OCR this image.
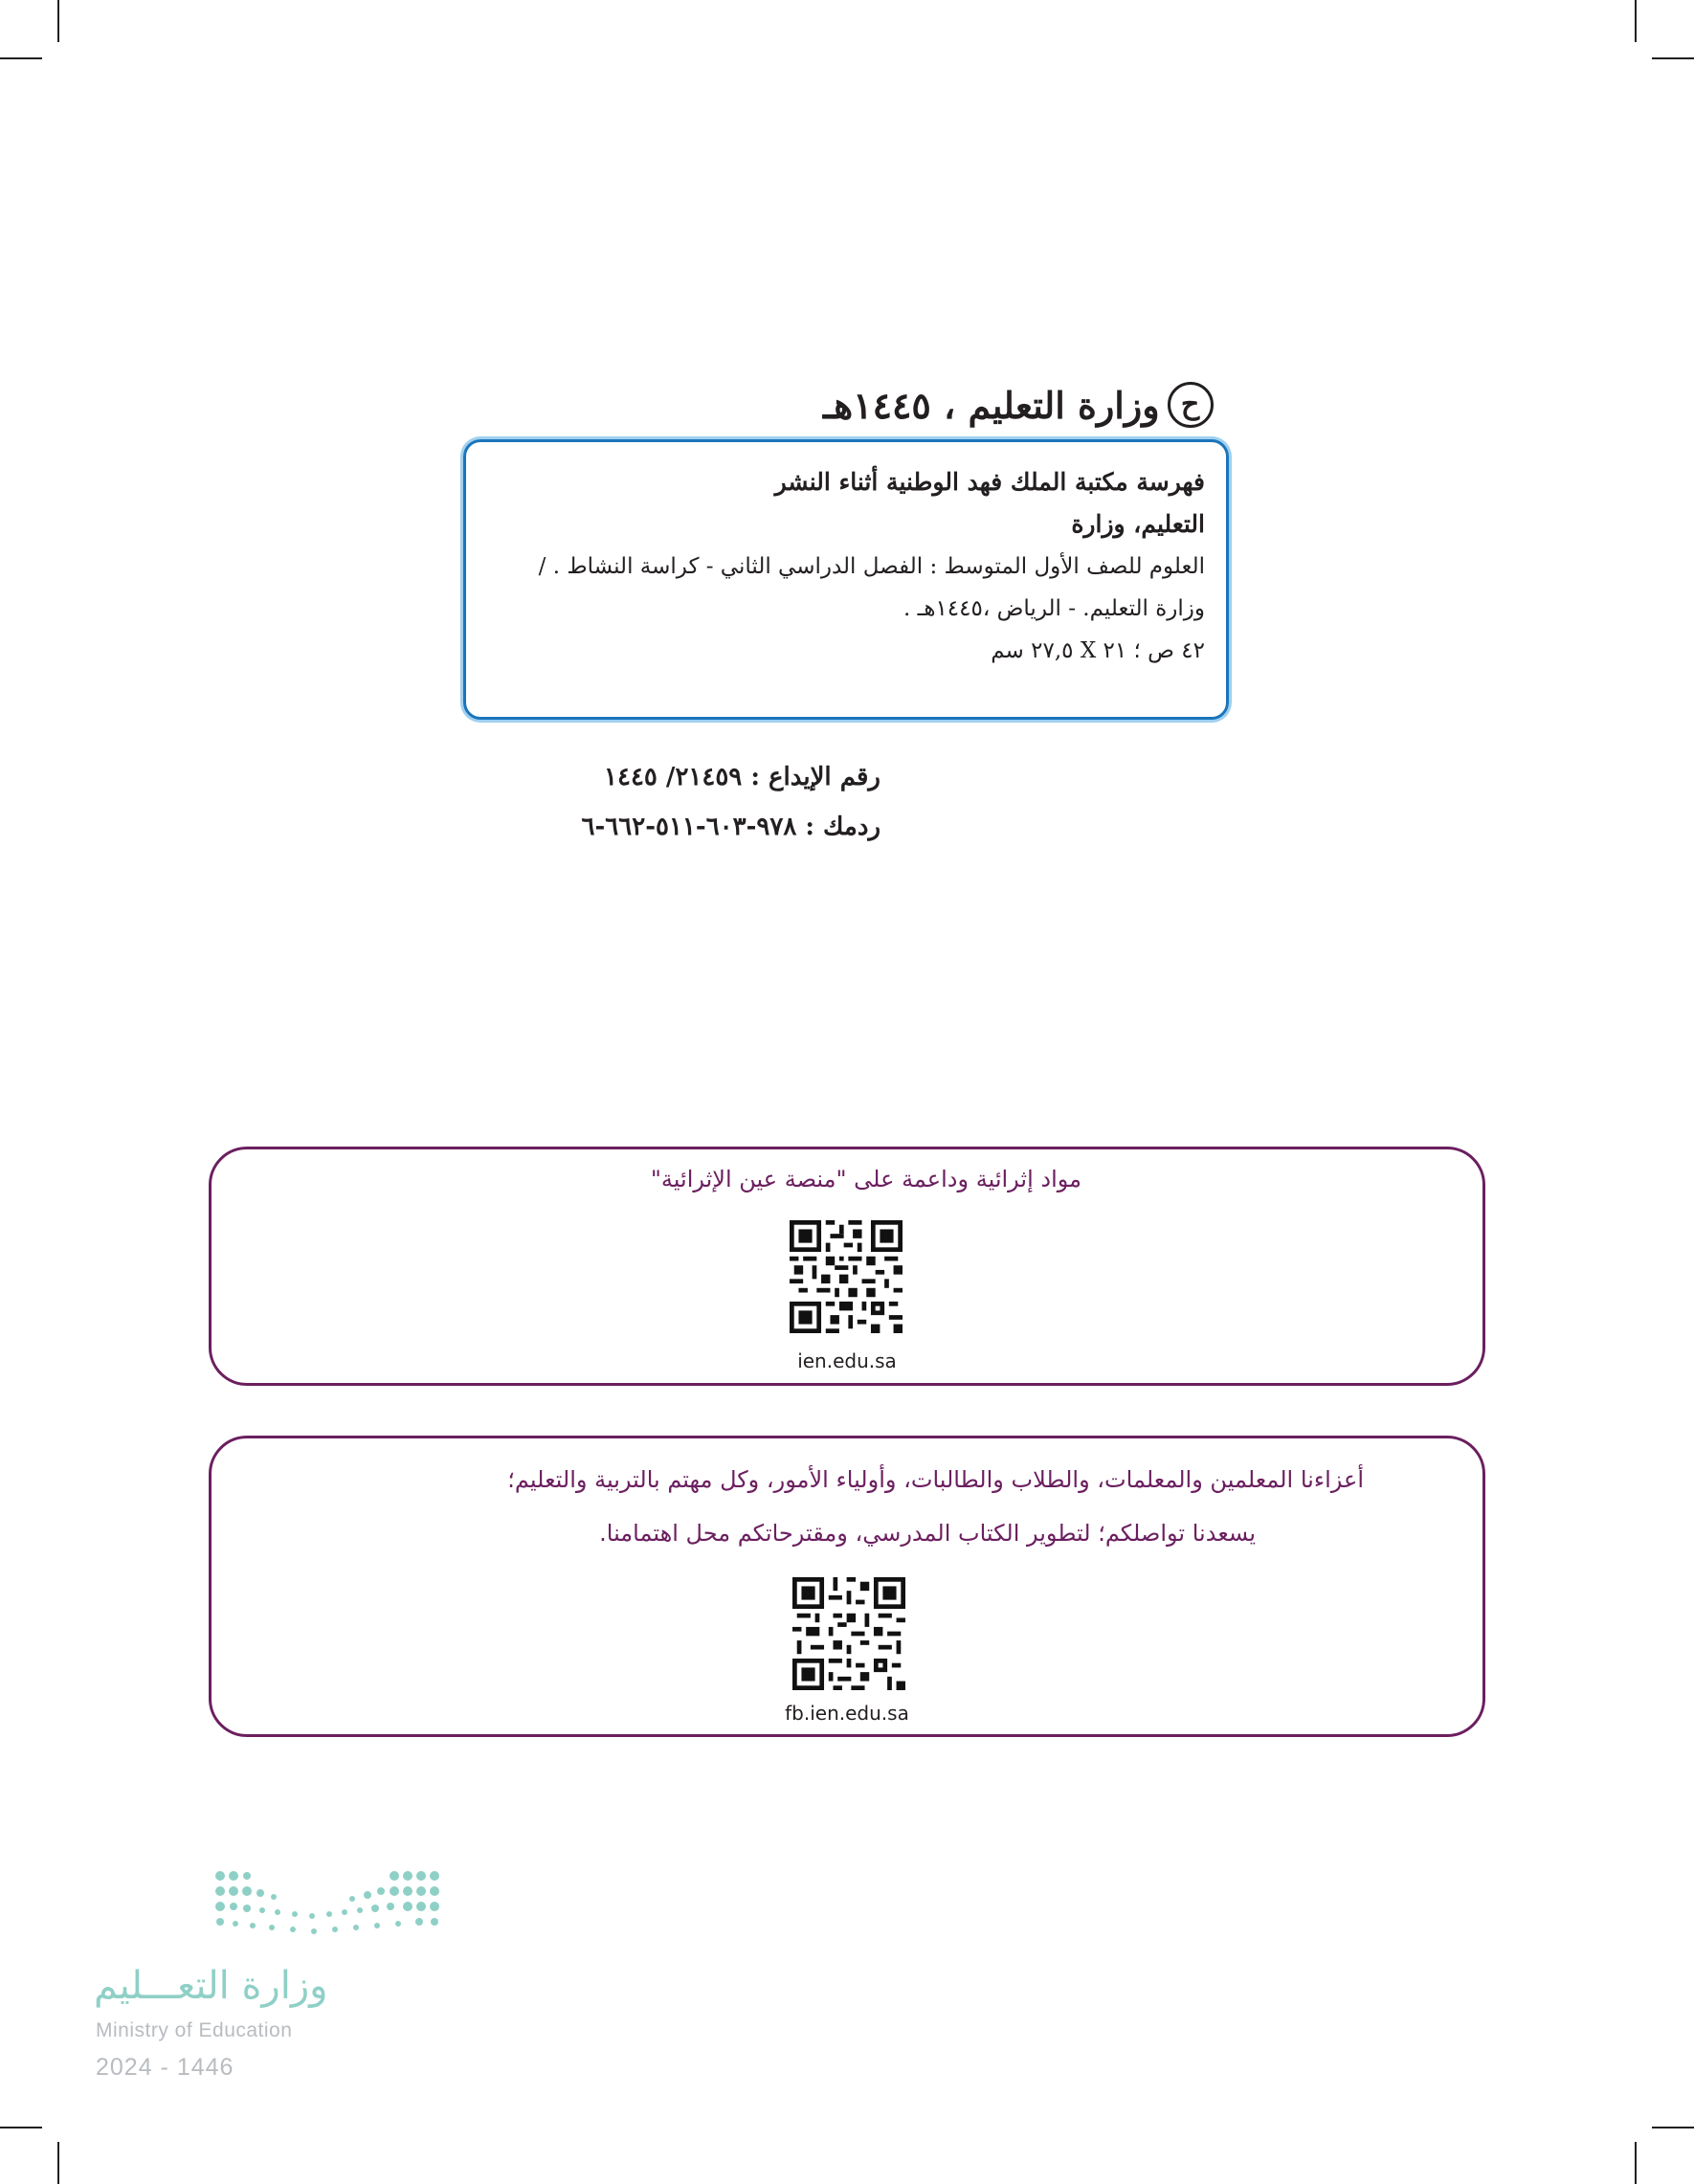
ح
وزارة التعليم ، ١٤٤٥هـ
فهرسة مكتبة الملك فهد الوطنية أثناء النشر
التعليم، وزارة
العلوم للصف الأول المتوسط : الفصل الدراسي الثاني - كراسة النشاط . /
وزارة التعليم. - الرياض ،١٤٤٥هـ .
٤٢ ص ؛ ٢١ X ٢٧,٥ سم
رقم الإيداع : ٢١٤٥٩/ ١٤٤٥
ردمك : ٩٧٨-٦٠٣-٥١١-٦٦٢-٦
مواد إثرائية وداعمة على "منصة عين الإثرائية"
ien.edu.sa
أعزاءنا المعلمين والمعلمات، والطلاب والطالبات، وأولياء الأمور، وكل مهتم بالتربية والتعليم؛
يسعدنا تواصلكم؛ لتطوير الكتاب المدرسي، ومقترحاتكم محل اهتمامنا.
fb.ien.edu.sa
وزارة التعـــليم
Ministry of Education
2024 - 1446
